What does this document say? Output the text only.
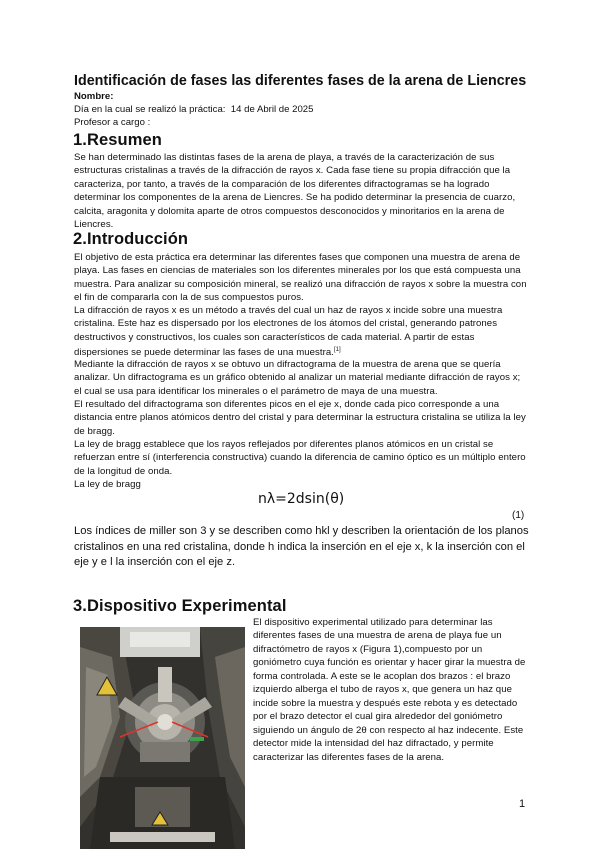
Identificación de fases las diferentes fases de la arena de Liencres
Nombre:
Día en la cual se realizó la práctica: 14 de Abril de 2025
Profesor a cargo :
1.Resumen

Se han determinado las distintas fases de la arena de playa, a través de la caracterización de sus estructuras cristalinas a través de la difracción de rayos x. Cada fase tiene su propia difracción que la caracteriza, por tanto, a través de la comparación de los diferentes difractogramas se ha logrado determinar los componentes de la arena de Liencres. Se ha podido determinar la presencia de cuarzo, calcita, aragonita y dolomita aparte de otros compuestos desconocidos y minoritarios en la arena de Liencres.

2.Introducción

El objetivo de esta práctica era determinar las diferentes fases que componen una muestra de arena de playa. Las fases en ciencias de materiales son los diferentes minerales por los que está compuesta una muestra. Para analizar su composición mineral, se realizó una difracción de rayos x sobre la muestra con el fin de compararla con la de sus compuestos puros.

La difracción de rayos x es un método a través del cual un haz de rayos x incide sobre una muestra cristalina. Este haz es dispersado por los electrones de los átomos del cristal, generando patrones destructivos y constructivos, los cuales son característicos de cada material. A partir de estas dispersiones se puede determinar las fases de una muestra.[1]

Mediante la difracción de rayos x se obtuvo un difractograma de la muestra de arena que se quería analizar. Un difractograma es un gráfico obtenido al analizar un material mediante difracción de rayos x; el cual se usa para identificar los minerales o el parámetro de maya de una muestra.

El resultado del difractograma son diferentes picos en el eje x, donde cada pico corresponde a una distancia entre planos atómicos dentro del cristal y para determinar la estructura cristalina se utiliza la ley de bragg.

La ley de bragg establece que los rayos reflejados por diferentes planos atómicos en un cristal se refuerzan entre sí (interferencia constructiva) cuando la diferencia de camino óptico es un múltiplo entero de la longitud de onda.

La ley de bragg

nλ=2dsin(θ)
(1)

Los índices de miller son 3 y se describen como hkl y describen la orientación de los planos cristalinos en una red cristalina, donde h indica la inserción en el eje x, k la inserción con el eje y e l la inserción con el eje z.

3.Dispositivo Experimental

El dispositivo experimental utilizado para determinar las diferentes fases de una muestra de arena de playa fue un difractómetro de rayos x (Figura 1),compuesto por un goniómetro cuya función es orientar y hacer girar la muestra de forma controlada. A este se le acoplan dos brazos : el brazo izquierdo alberga el tubo de rayos x, que genera un haz que incide sobre la muestra y después este rebota y es detectado por el brazo detector el cual gira alrededor del goniómetro siguiendo un ángulo de 2θ con respecto al haz indecente. Este detector mide la intensidad del haz difractado, y permite caracterizar las diferentes fases de la arena.

1
